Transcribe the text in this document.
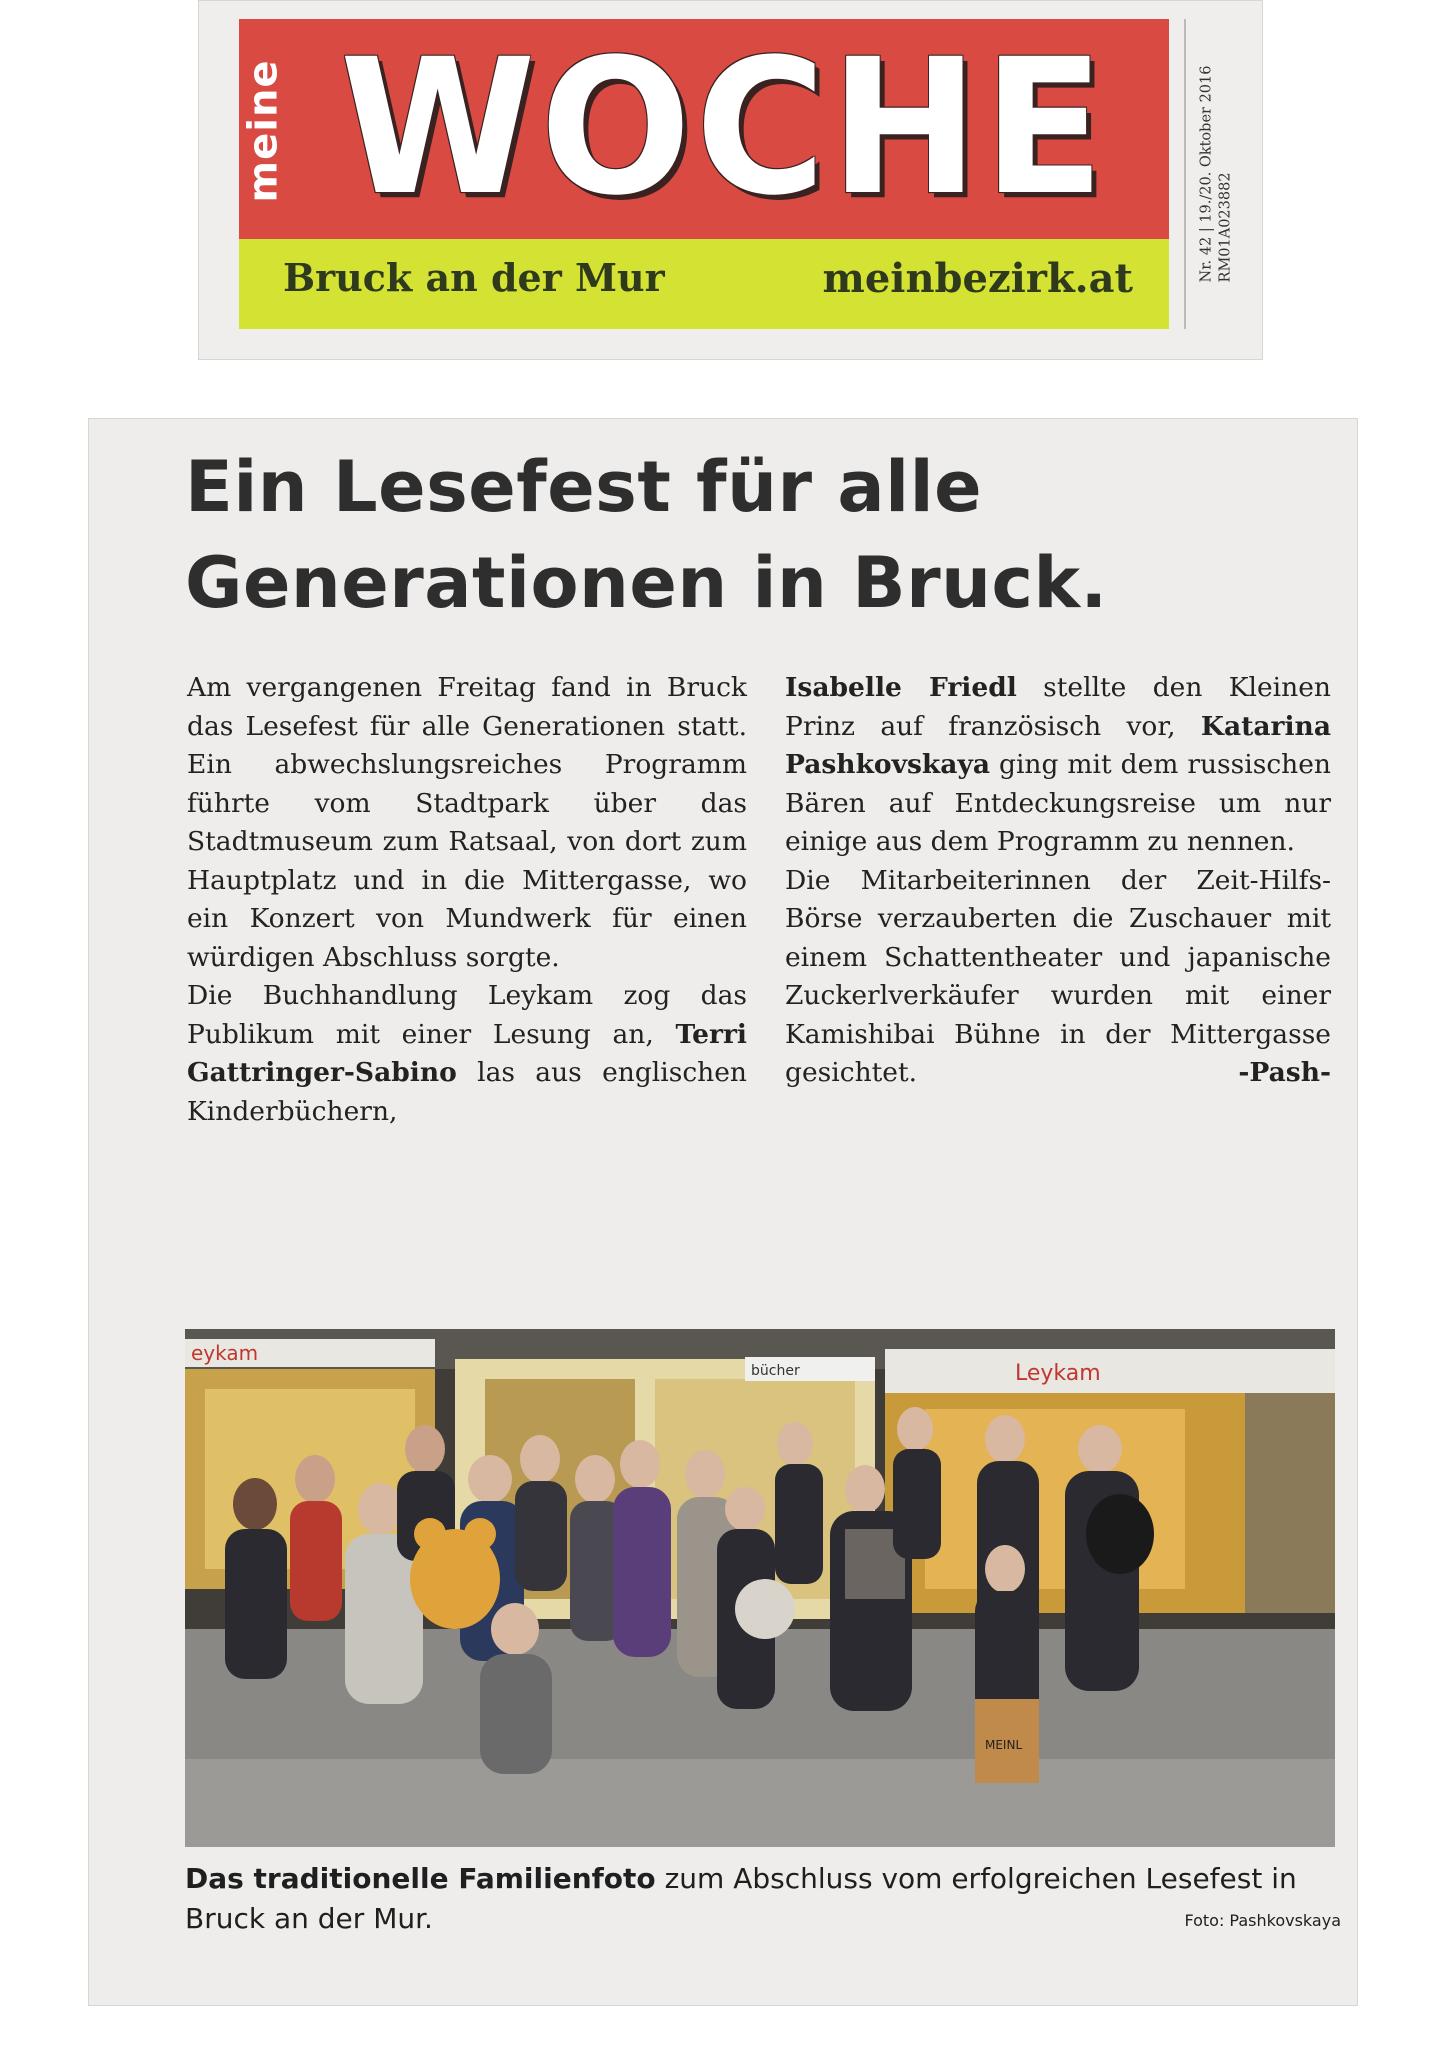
meine WOCHE
Bruck an der Mur	meinbezirk.at	Nr. 42 | 19./20. Oktober 2016 RM01A023882
Ein Lesefest für alle
Generationen in Bruck.

Am vergangenen Freitag fand in Bruck das Lesefest für alle Generationen statt. Ein abwechslungsreiches Programm führte vom Stadtpark über das Stadtmuseum zum Ratsaal, von dort zum Hauptplatz und in die Mittergasse, wo ein Konzert von Mundwerk für einen würdigen Abschluss sorgte.

Die Buchhandlung Leykam zog das Publikum mit einer Lesung an, Terri Gattringer-Sabino las aus englischen Kinderbüchern,

Isabelle Friedl stellte den Kleinen Prinz auf französisch vor, Katarina Pashkovskaya ging mit dem russischen Bären auf Entdeckungsreise um nur einige aus dem Programm zu nennen.

Die Mitarbeiterinnen der Zeit-Hilfs-Börse verzauberten die Zuschauer mit einem Schattentheater und japanische Zuckerlverkäufer wurden mit einer Kamishibai Bühne in der Mittergasse gesichtet.	-Pash-

eykam
bücher	Leykam
MEINL
Das traditionelle Familienfoto zum Abschluss vom erfolgreichen Lesefest in Bruck an der Mur.	Foto: Pashkovskaya
